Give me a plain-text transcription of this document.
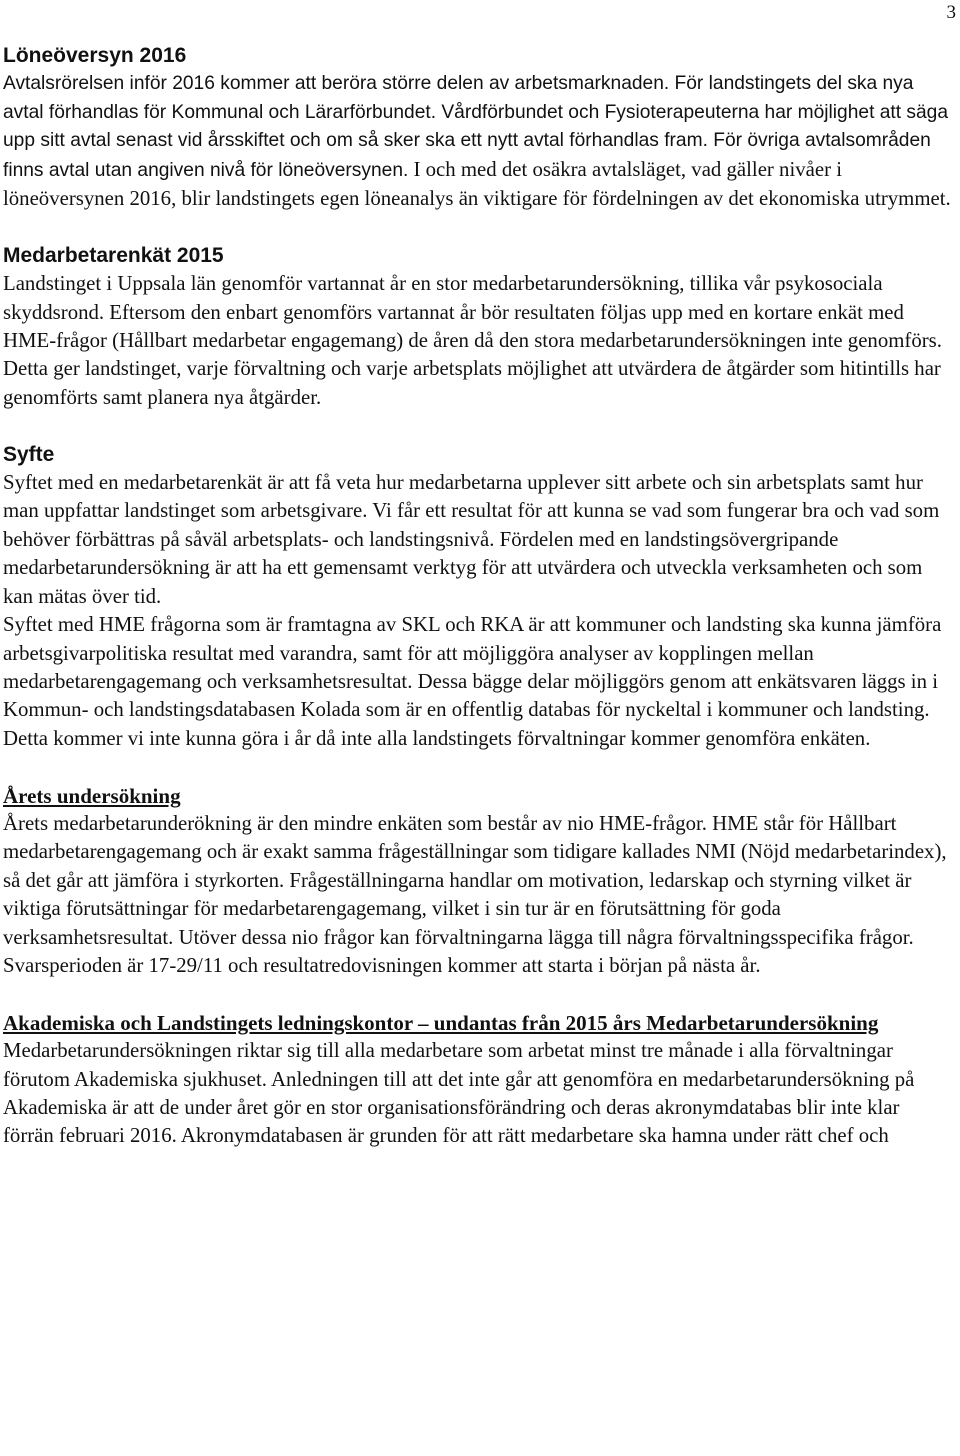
3
Löneöversyn 2016

Avtalsrörelsen inför 2016 kommer att beröra större delen av arbetsmarknaden. För landstingets del ska nya avtal förhandlas för Kommunal och Lärarförbundet. Vårdförbundet och Fysioterapeuterna har möjlighet att säga upp sitt avtal senast vid årsskiftet och om så sker ska ett nytt avtal förhandlas fram. För övriga avtalsområden finns avtal utan angiven nivå för löneöversynen. I och med det osäkra avtalsläget, vad gäller nivåer i löneöversynen 2016, blir landstingets egen löneanalys än viktigare för fördelningen av det ekonomiska utrymmet.

Medarbetarenkät 2015

Landstinget i Uppsala län genomför vartannat år en stor medarbetarundersökning, tillika vår psykosociala skyddsrond. Eftersom den enbart genomförs vartannat år bör resultaten följas upp med en kortare enkät med HME-frågor (Hållbart medarbetar engagemang) de åren då den stora medarbetarundersökningen inte genomförs. Detta ger landstinget, varje förvaltning och varje arbetsplats möjlighet att utvärdera de åtgärder som hitintills har genomförts samt planera nya åtgärder.

Syfte

Syftet med en medarbetarenkät är att få veta hur medarbetarna upplever sitt arbete och sin arbetsplats samt hur man uppfattar landstinget som arbetsgivare. Vi får ett resultat för att kunna se vad som fungerar bra och vad som behöver förbättras på såväl arbetsplats- och landstingsnivå. Fördelen med en landstingsövergripande medarbetarundersökning är att ha ett gemensamt verktyg för att utvärdera och utveckla verksamheten och som kan mätas över tid.

Syftet med HME frågorna som är framtagna av SKL och RKA är att kommuner och landsting ska kunna jämföra arbetsgivarpolitiska resultat med varandra, samt för att möjliggöra analyser av kopplingen mellan medarbetarengagemang och verksamhetsresultat. Dessa bägge delar möjliggörs genom att enkätsvaren läggs in i Kommun- och landstingsdatabasen Kolada som är en offentlig databas för nyckeltal i kommuner och landsting. Detta kommer vi inte kunna göra i år då inte alla landstingets förvaltningar kommer genomföra enkäten.

Årets undersökning

Årets medarbetarunderökning är den mindre enkäten som består av nio HME-frågor. HME står för Hållbart medarbetarengagemang och är exakt samma frågeställningar som tidigare kallades NMI (Nöjd medarbetarindex), så det går att jämföra i styrkorten. Frågeställningarna handlar om motivation, ledarskap och styrning vilket är viktiga förutsättningar för medarbetarengagemang, vilket i sin tur är en förutsättning för goda verksamhetsresultat. Utöver dessa nio frågor kan förvaltningarna lägga till några förvaltningsspecifika frågor.

Svarsperioden är 17-29/11 och resultatredovisningen kommer att starta i början på nästa år.

Akademiska och Landstingets ledningskontor – undantas från 2015 års Medarbetarundersökning

Medarbetarundersökningen riktar sig till alla medarbetare som arbetat minst tre månade i alla förvaltningar förutom Akademiska sjukhuset. Anledningen till att det inte går att genomföra en medarbetarundersökning på Akademiska är att de under året gör en stor organisationsförändring och deras akronymdatabas blir inte klar förrän februari 2016. Akronymdatabasen är grunden för att rätt medarbetare ska hamna under rätt chef och
